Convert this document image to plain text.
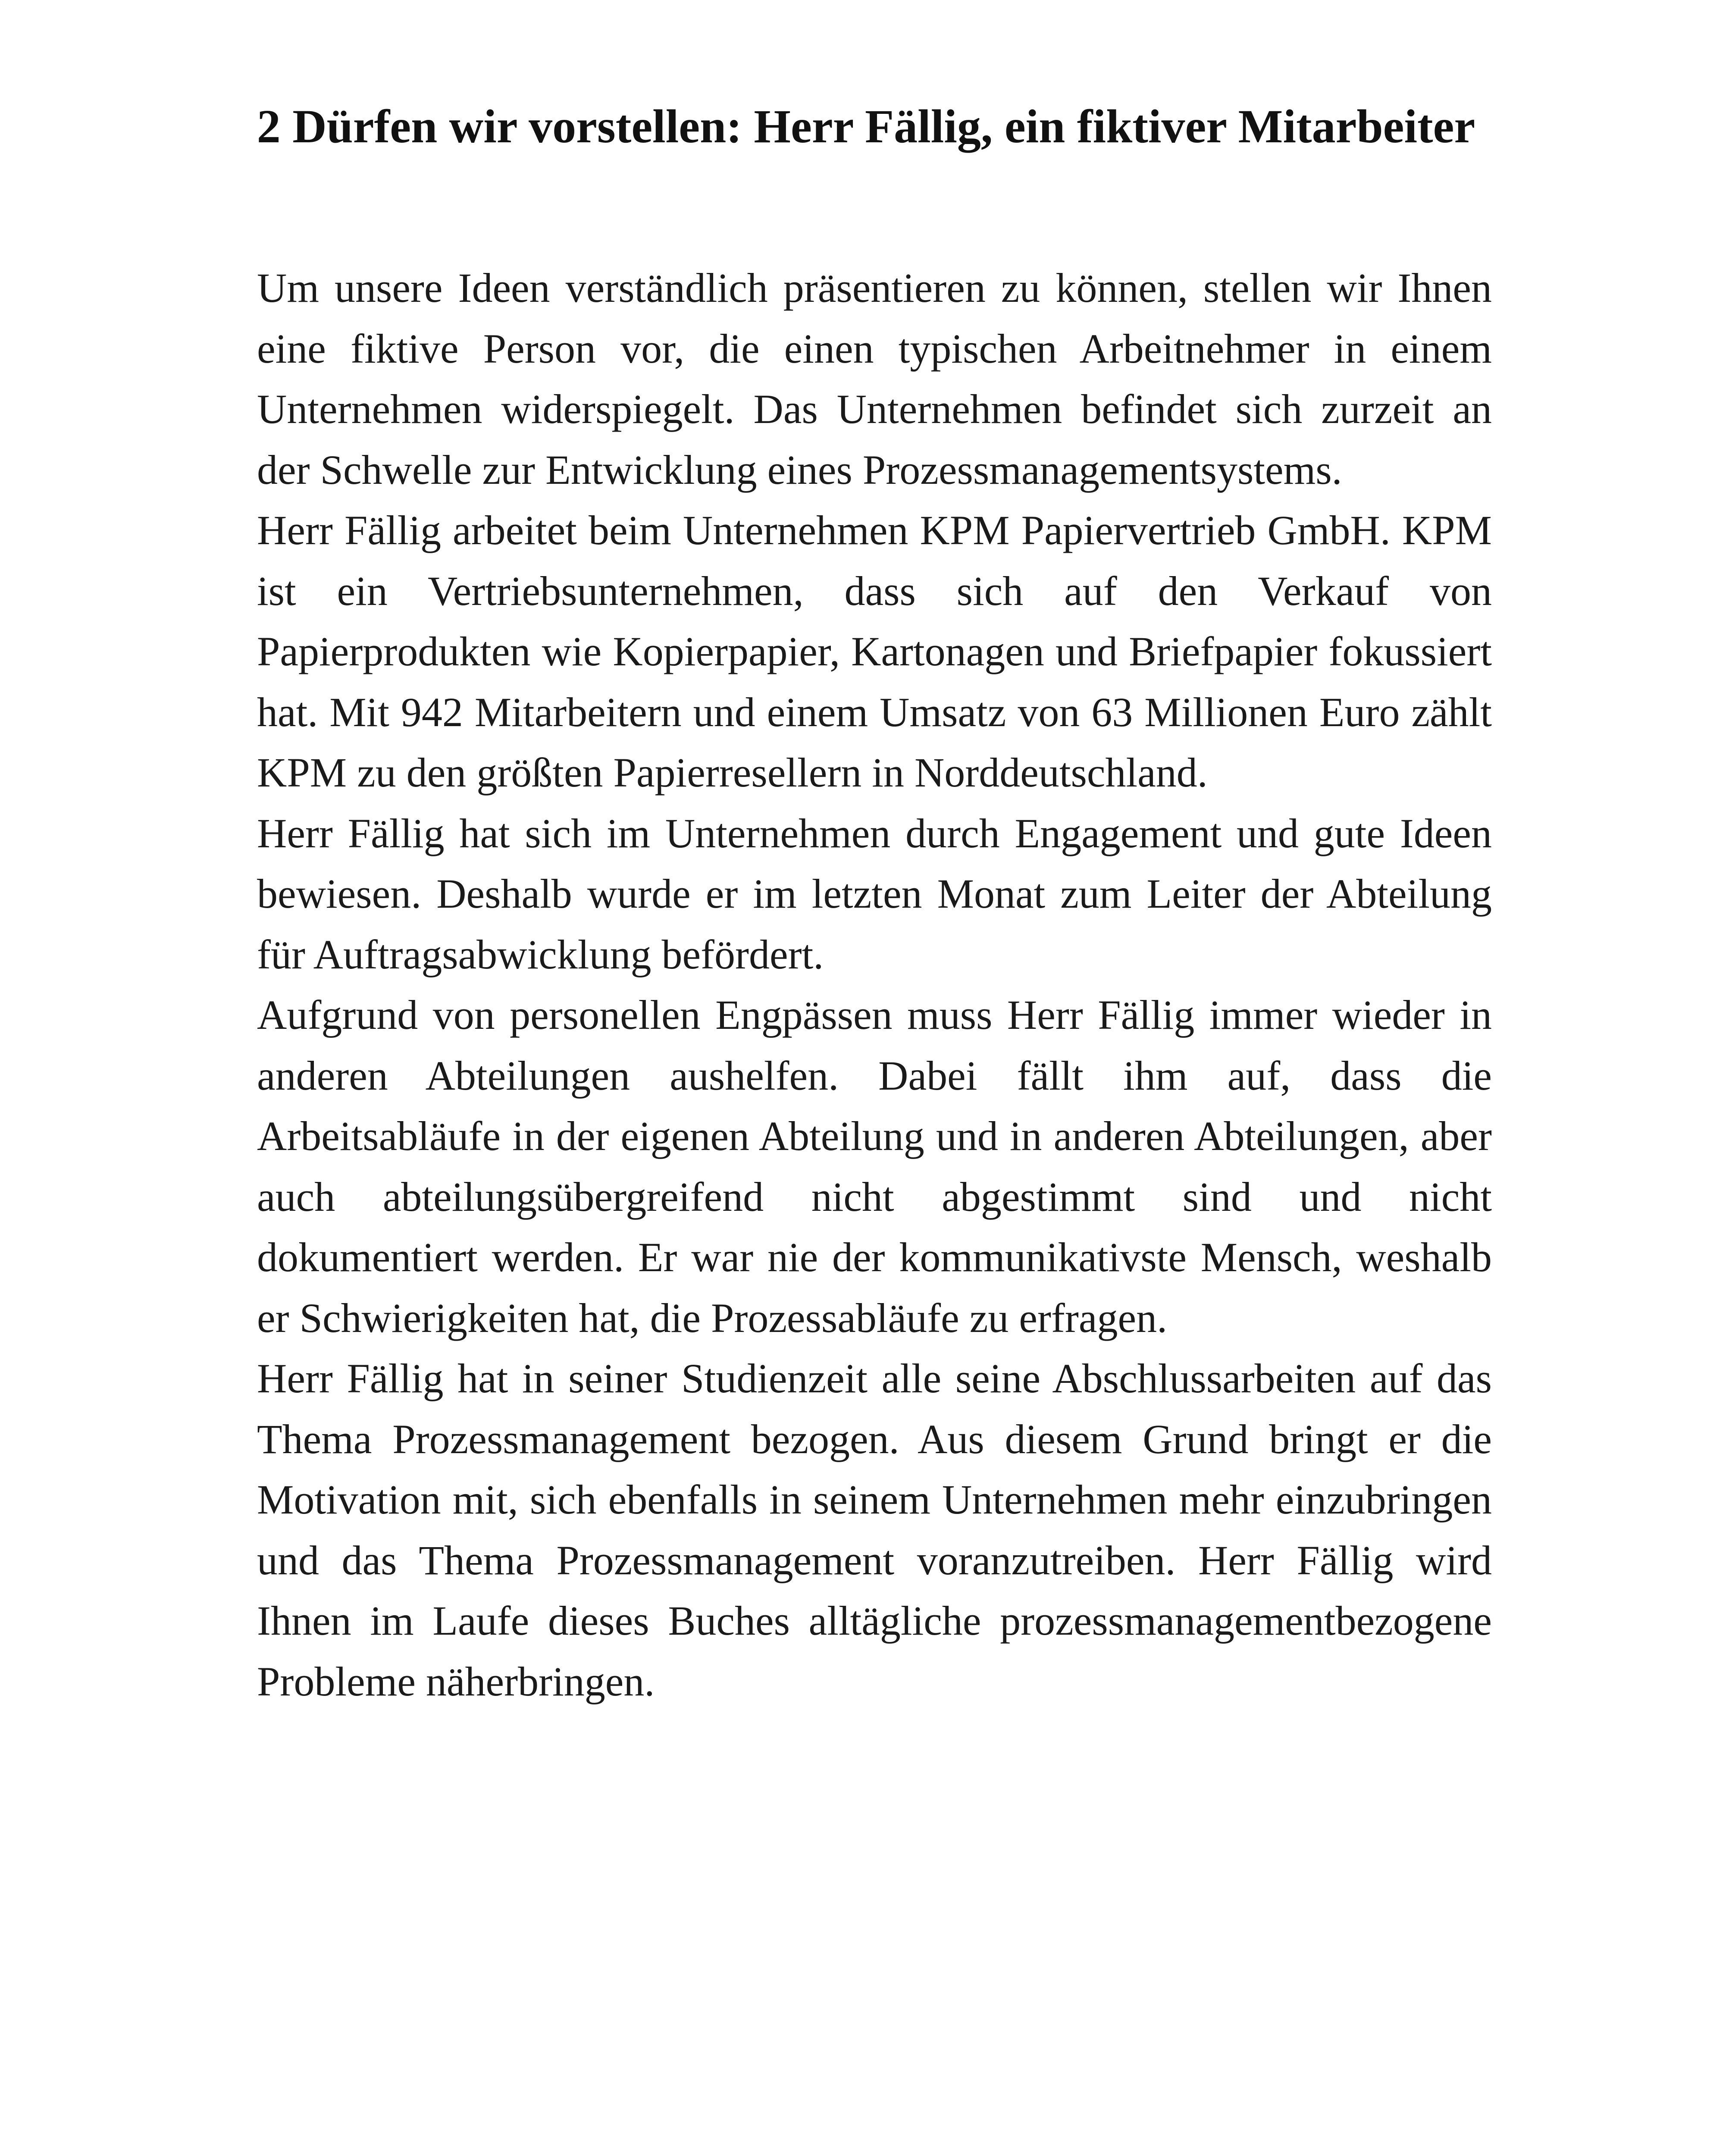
2 Dürfen wir vorstellen: Herr Fällig, ein fiktiver Mitarbeiter

Um unsere Ideen verständlich präsentieren zu können, stellen wir Ihnen eine fiktive Person vor, die einen typischen Arbeitnehmer in einem Unternehmen widerspiegelt. Das Unternehmen befindet sich zurzeit an der Schwelle zur Entwicklung eines Prozessmanagementsystems.

Herr Fällig arbeitet beim Unternehmen KPM Papiervertrieb GmbH. KPM ist ein Vertriebsunternehmen, dass sich auf den Verkauf von Papierprodukten wie Kopierpapier, Kartonagen und Briefpapier fokussiert hat. Mit 942 Mitarbeitern und einem Umsatz von 63 Millionen Euro zählt KPM zu den größten Papierresellern in Norddeutschland.

Herr Fällig hat sich im Unternehmen durch Engagement und gute Ideen bewiesen. Deshalb wurde er im letzten Monat zum Leiter der Abteilung für Auftragsabwicklung befördert.

Aufgrund von personellen Engpässen muss Herr Fällig immer wieder in anderen Abteilungen aushelfen. Dabei fällt ihm auf, dass die Arbeitsabläufe in der eigenen Abteilung und in anderen Abteilungen, aber auch abteilungsübergreifend nicht abgestimmt sind und nicht dokumentiert werden. Er war nie der kommunikativste Mensch, weshalb er Schwierigkeiten hat, die Prozessabläufe zu erfragen.

Herr Fällig hat in seiner Studienzeit alle seine Abschlussarbeiten auf das Thema Prozessmanagement bezogen. Aus diesem Grund bringt er die Motivation mit, sich ebenfalls in seinem Unternehmen mehr einzubringen und das Thema Prozessmanagement voranzutreiben. Herr Fällig wird Ihnen im Laufe dieses Buches alltägliche prozessmanagementbezogene Probleme näherbringen.
